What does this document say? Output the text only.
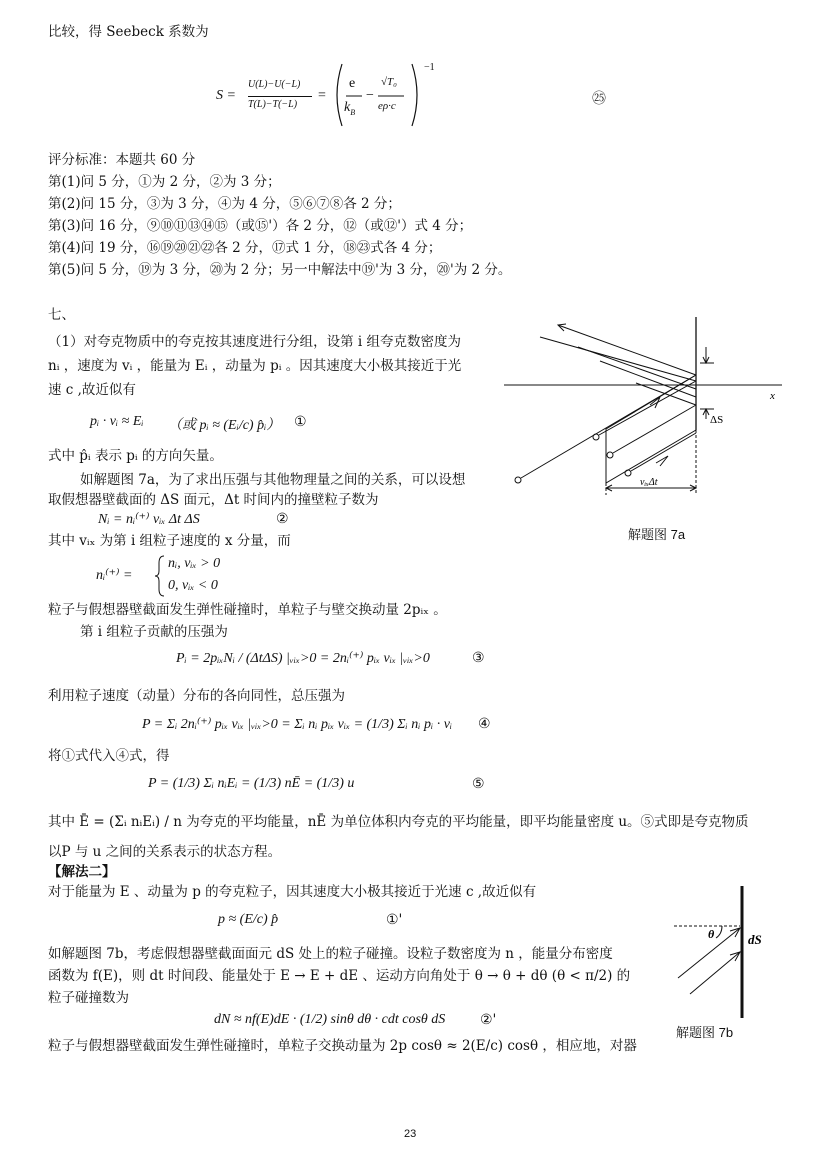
比较，得 Seebeck 系数为
S =
U(L)−U(−L)
T(L)−T(−L)
=
e
$k_B$
−
√T₀
eρ·c
−1
㉕
评分标准：本题共 60 分
第(1)问 5 分，①为 2 分，②为 3 分；
第(2)问 15 分，③为 3 分，④为 4 分，⑤⑥⑦⑧各 2 分；
第(3)问 16 分，⑨⑩⑪⑬⑭⑮（或⑮'）各 2 分，⑫（或⑫'）式 4 分；
第(4)问 19 分，⑯⑲⑳㉑㉒各 2 分，⑰式 1 分，⑱㉓式各 4 分；
第(5)问 5 分，⑲为 3 分，⑳为 2 分；另一中解法中⑲'为 3 分，⑳'为 2 分。
七、
（1）对夸克物质中的夸克按其速度进行分组，设第 i 组夸克数密度为
nᵢ ，速度为 vᵢ ，能量为 Eᵢ ，动量为 pᵢ 。因其速度大小极其接近于光
速 c ,故近似有
pᵢ · vᵢ ≈ Eᵢ （或 pᵢ ≈ (Eᵢ/c) p̂ᵢ） ①
式中 p̂ᵢ 表示 pᵢ 的方向矢量。
如解题图 7a，为了求出压强与其他物理量之间的关系，可以设想
取假想器壁截面的 ΔS 面元，Δt 时间内的撞壁粒子数为
Nᵢ = nᵢ⁽⁺⁾ vᵢₓ Δt ΔS	②
其中 vᵢₓ 为第 i 组粒子速度的 x 分量，而
nᵢ⁽⁺⁾ =
nᵢ, vᵢₓ > 0
0, vᵢₓ < 0
粒子与假想器壁截面发生弹性碰撞时，单粒子与壁交换动量 2pᵢₓ 。
第 i 组粒子贡献的压强为
Pᵢ = 2pᵢₓNᵢ / (ΔtΔS) |ᵥᵢₓ>0 = 2nᵢ⁽⁺⁾ pᵢₓ vᵢₓ |ᵥᵢₓ>0	③
利用粒子速度（动量）分布的各向同性，总压强为
P = Σᵢ 2nᵢ⁽⁺⁾ pᵢₓ vᵢₓ |ᵥᵢₓ>0 = Σᵢ nᵢ pᵢₓ vᵢₓ = (1/3) Σᵢ nᵢ pᵢ · vᵢ ④
将①式代入④式，得
P = (1/3) Σᵢ nᵢEᵢ = (1/3) nĒ = (1/3) u	⑤
其中 Ē = (Σᵢ nᵢEᵢ) / n 为夸克的平均能量，nĒ 为单位体积内夸克的平均能量，即平均能量密度 u。⑤式即是夸克物质
以P 与 u 之间的关系表示的状态方程。
【解法二】
对于能量为 E 、动量为 p 的夸克粒子，因其速度大小极其接近于光速 c ,故近似有
p ≈ (E/c) p̂	①'
如解题图 7b，考虑假想器壁截面面元 dS 处上的粒子碰撞。设粒子数密度为 n ，能量分布密度
函数为 f(E)，则 dt 时间段、能量处于 E → E + dE 、运动方向角处于 θ → θ + dθ (θ < π/2) 的
粒子碰撞数为
dN ≈ nf(E)dE · (1/2) sinθ dθ · cdt cosθ dS ②'
粒子与假想器壁截面发生弹性碰撞时，单粒子交换动量为 2p cosθ ≈ 2(E/c) cosθ ，相应地，对器
x
ΔS
vᵢₓΔt
解题图 7a
θ	dS
解题图 7b
23
